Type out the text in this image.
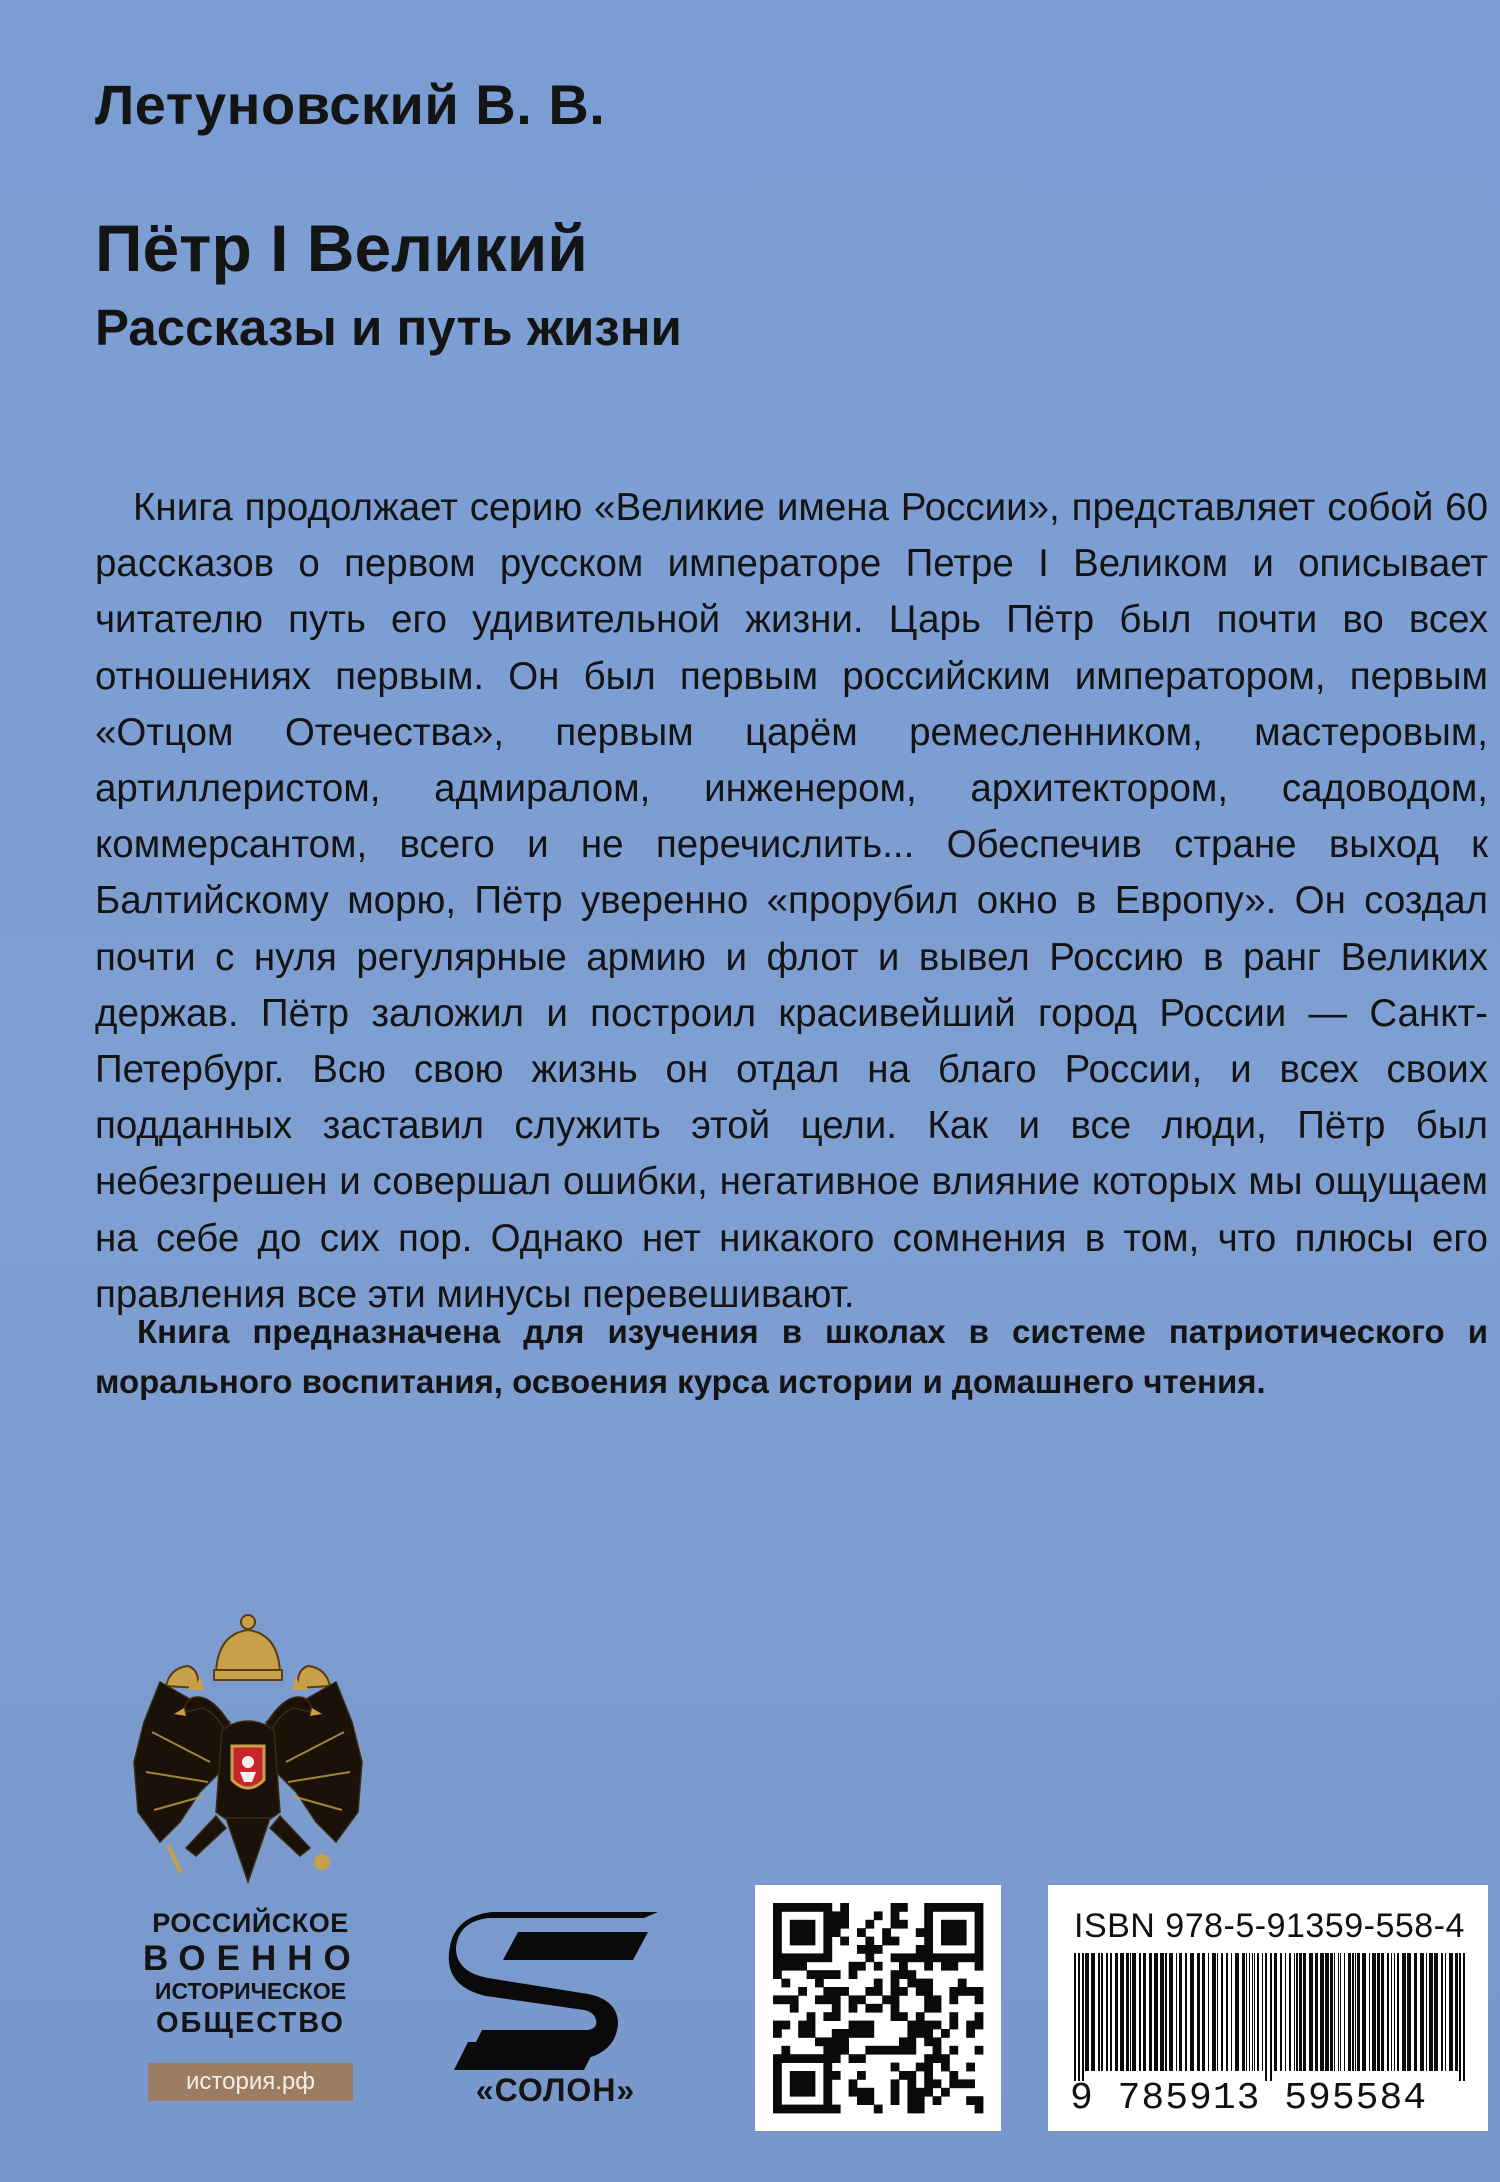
Летуновский В. В.
Пётр I Великий
Рассказы и путь жизни
Книга продолжает серию «Великие имена России», представляет собой 60 рассказов о первом русском императоре Петре I Великом и описывает читателю путь его удивительной жизни. Царь Пётр был почти во всех отношениях первым. Он был первым российским императором, первым «Отцом Отечества», первым царём ремесленником, мастеровым, артиллеристом, адмиралом, инженером, архитектором, садоводом, коммерсантом, всего и не перечислить... Обеспечив стране выход к Балтийскому морю, Пётр уверенно «прорубил окно в Европу». Он создал почти с нуля регулярные армию и флот и вывел Россию в ранг Великих держав. Пётр заложил и построил красивейший город России — Санкт-Петербург. Всю свою жизнь он отдал на благо России, и всех своих подданных заставил служить этой цели. Как и все люди, Пётр был небезгрешен и совершал ошибки, негативное влияние которых мы ощущаем на себе до сих пор. Однако нет никакого сомнения в том, что плюсы его правления все эти минусы перевешивают.
Книга предназначена для изучения в школах в системе патриотического и морального воспитания, освоения курса истории и домашнего чтения.
РОССИЙСКОЕ
ВОЕННО
ИСТОРИЧЕСКОЕ
ОБЩЕСТВО
история.рф	«СОЛОН»
ISBN 978-5-91359-558-4
9 785913 595584
